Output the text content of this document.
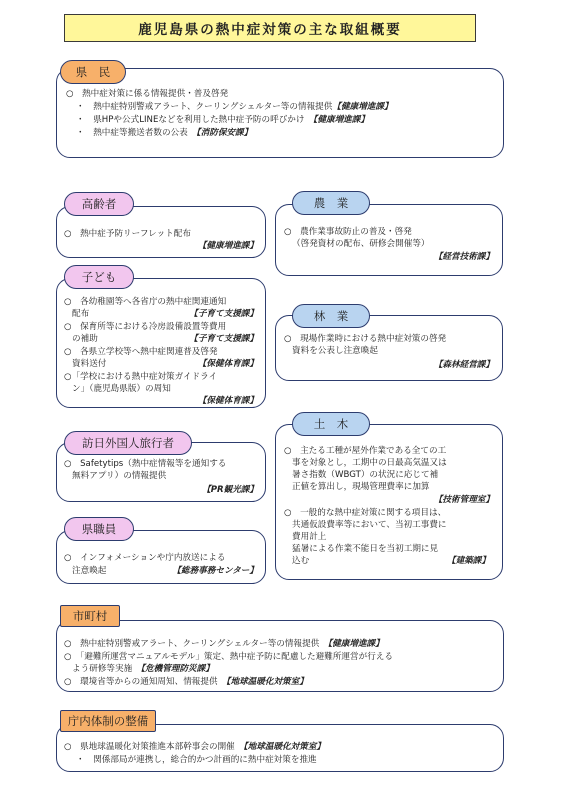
鹿児島県の熱中症対策の主な取組概要
県　民
○　熱中症対策に係る情報提供・普及啓発
・　熱中症特別警戒アラート、クーリングシェルター等の情報提供【健康増進課】
・　県HPや公式LINEなどを利用した熱中症予防の呼びかけ　 【健康増進課】
・　熱中症等搬送者数の公表　 【消防保安課】
高齢者
○　熱中症予防リーフレット配布
【健康増進課】
子ども
○　各幼稚園等へ各省庁の熱中症関連通知
配布	【子育て支援課】
○　保育所等における冷房設備設置等費用
の補助	【子育て支援課】
○　各県立学校等へ熱中症関連普及啓発
資料送付	【保健体育課】
○「学校における熱中症対策ガイドライ
ン」（鹿児島県版）の周知
【保健体育課】
訪日外国人旅行者
○　Safetytips（熱中症情報等を通知する
無料アプリ）の情報提供
【PR観光課】
県職員
○　インフォメーションや庁内放送による
注意喚起	【総務事務センター】
農　業
○　農作業事故防止の普及・啓発
（啓発資材の配布、研修会開催等）
【経営技術課】
林　業
○　現場作業時における熱中症対策の啓発
資料を公表し注意喚起
【森林経営課】
土　木
○　主たる工種が屋外作業である全ての工
事を対象とし，工期中の日最高気温又は
暑さ指数（WBGT）の状況に応じて補
正値を算出し，現場管理費率に加算
【技術管理室】
○　一般的な熱中症対策に関する項目は、
共通仮設費率等において、当初工事費に
費用計上
猛暑による作業不能日を当初工期に見
込む	【建築課】
市町村
○　熱中症特別警戒アラート、クーリングシェルター等の情報提供　 【健康増進課】
○　「避難所運営マニュアルモデル」策定、熱中症予防に配慮した避難所運営が行える
よう研修等実施　 【危機管理防災課】
○　環境省等からの通知周知、情報提供　 【地球温暖化対策室】
庁内体制の整備
○　県地球温暖化対策推進本部幹事会の開催　 【地球温暖化対策室】
・　関係部局が連携し，総合的かつ計画的に熱中症対策を推進
